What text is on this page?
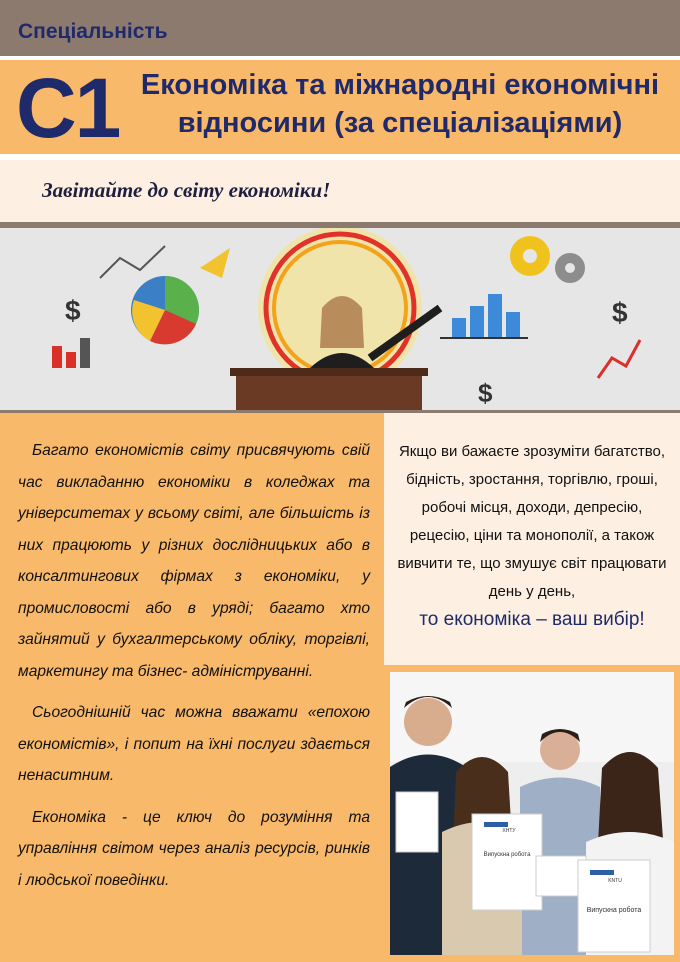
Спеціальність
C1 Економіка та міжнародні економічні
відносини (за спеціалізаціями)
Завітайте до світу економіки!
$	$
$

Багато економістів світу присвячують свій час викладанню економіки в коледжах та університетах у всьому світі, але більшість із них працюють у різних дослідницьких або в консалтингових фірмах з економіки, у промисловості або в уряді; багато хто зайнятий у бухгалтерському обліку, торгівлі, маркетингу та бізнес- адмініструванні.

Сьогоднішній час можна вважати «епохою економістів», і попит на їхні послуги здається ненаситним.

Економіка - це ключ до розуміння та управління світом через аналіз ресурсів, ринків і людської поведінки.

Якщо ви бажаєте зрозуміти багатство, бідність, зростання, торгівлю, гроші, робочі місця, доходи, депресію, рецесію, ціни та монополії, а також вивчити те, що змушує світ працювати день у день,
то економіка – ваш вибір!
ХНТУ
KNTU
Випускна робота
Випускна робота
